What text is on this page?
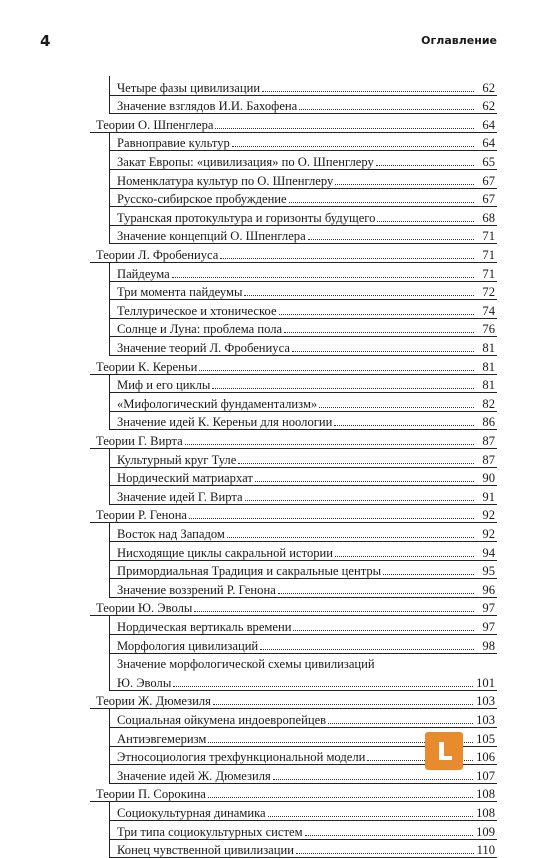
4	Оглавление
Четыре фазы цивилизации	62
Значение взглядов И.И. Бахофена	62
Теории О. Шпенглера	64
Равноправие культур	64
Закат Европы: «цивилизация» по О. Шпенглеру	65
Номенклатура культур по О. Шпенглеру	67
Русско-сибирское пробуждение	67
Туранская протокультура и горизонты будущего	68
Значение концепций О. Шпенглера	71
Теории Л. Фробениуса	71
Пайдеума	71
Три момента пайдеумы	72
Теллурическое и хтоническое	74
Солнце и Луна: проблема пола	76
Значение теорий Л. Фробениуса	81
Теории К. Кереньи	81
Миф и его циклы	81
«Мифологический фундаментализм»	82
Значение идей К. Кереньи для ноологии	86
Теории Г. Вирта	87
Культурный круг Туле	87
Нордический матриархат	90
Значение идей Г. Вирта	91
Теории Р. Генона	92
Восток над Западом	92
Нисходящие циклы сакральной истории	94
Примордиальная Традиция и сакральные центры	95
Значение воззрений Р. Генона	96
Теории Ю. Эволы	97
Нордическая вертикаль времени	97
Морфология цивилизаций	98
Значение морфологической схемы цивилизаций
Ю. Эволы	101
Теории Ж. Дюмезиля	103
Социальная ойкумена индоевропейцев	103
Антиэвгемеризм	105
Этносоциология трехфункциональной модели	106
Значение идей Ж. Дюмезиля	107
Теории П. Сорокина	108
Социокультурная динамика	108
Три типа социокультурных систем	109
Конец чувственной цивилизации	110
